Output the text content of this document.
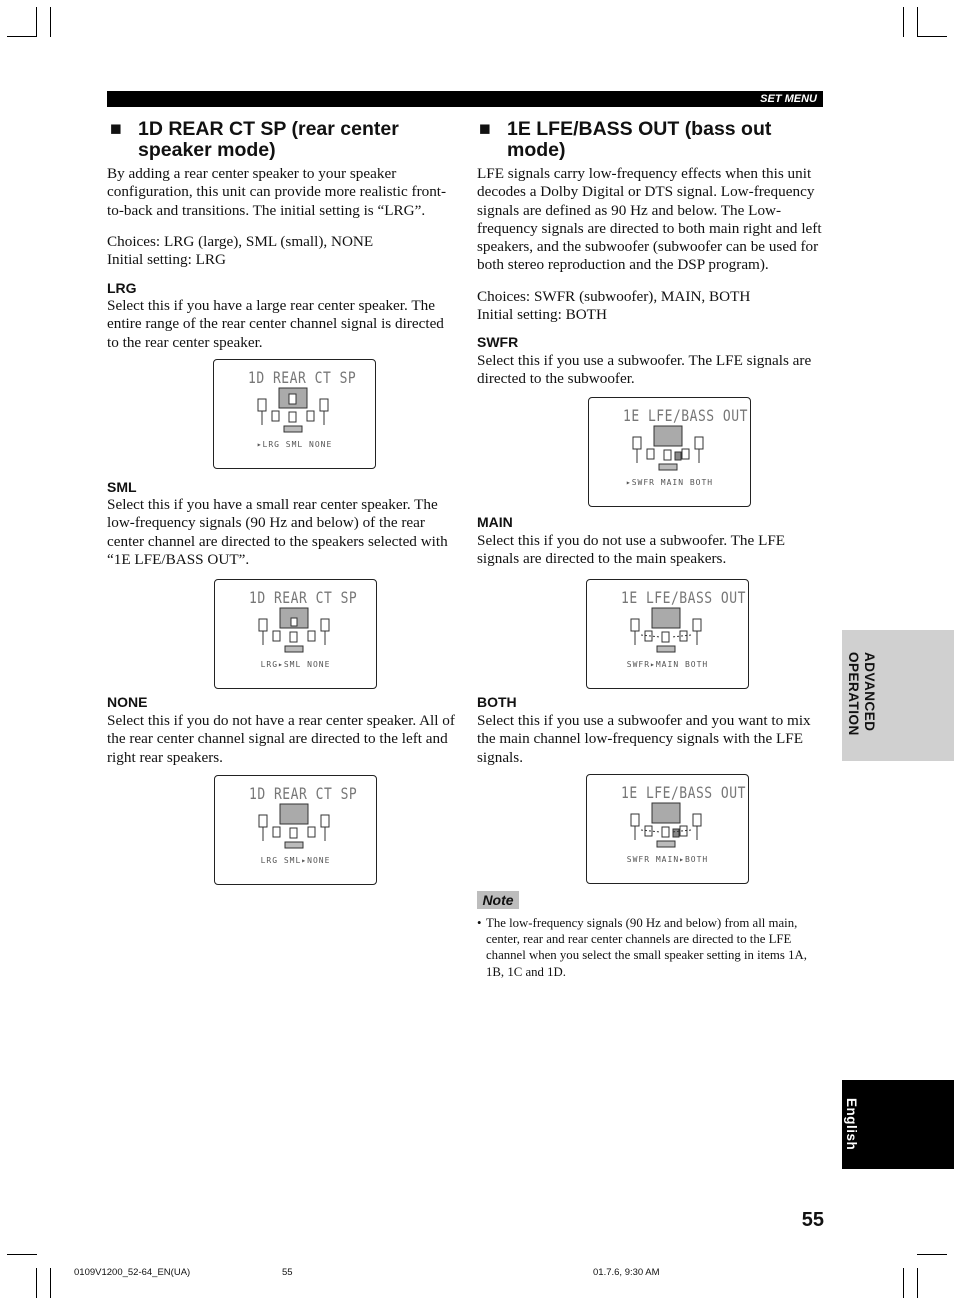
SET MENU
■ 1D REAR CT SP (rear center speaker mode)
By adding a rear center speaker to your speaker configuration, this unit can provide more realistic front-to-back and transitions. The initial setting is “LRG”.
Choices: LRG (large), SML (small), NONE
Initial setting: LRG
LRG
Select this if you have a large rear center speaker. The entire range of the rear center channel signal is directed to the rear center speaker.
1D REAR CT SP
▸LRG SML NONE
SML
Select this if you have a small rear center speaker. The low-frequency signals (90 Hz and below) of the rear center channel are directed to the speakers selected with “1E LFE/BASS OUT”.
1D REAR CT SP
LRG▸SML NONE
NONE
Select this if you do not have a rear center speaker. All of the rear center channel signal are directed to the left and right rear speakers.
1D REAR CT SP
LRG SML▸NONE
■ 1E LFE/BASS OUT (bass out mode)
LFE signals carry low-frequency effects when this unit decodes a Dolby Digital or DTS signal. Low-frequency signals are defined as 90 Hz and below. The Low-frequency signals are directed to both main right and left speakers, and the subwoofer (subwoofer can be used for both stereo reproduction and the DSP program).
Choices: SWFR (subwoofer), MAIN, BOTH
Initial setting: BOTH
SWFR
Select this if you use a subwoofer. The LFE signals are directed to the subwoofer.
1E LFE/BASS OUT
▸SWFR MAIN BOTH
MAIN
Select this if you do not use a subwoofer. The LFE signals are directed to the main speakers.
1E LFE/BASS OUT
SWFR▸MAIN BOTH
BOTH
Select this if you use a subwoofer and you want to mix the main channel low-frequency signals with the LFE signals.
1E LFE/BASS OUT
SWFR MAIN▸BOTH
Note
• The low-frequency signals (90 Hz and below) from all main, center, rear and rear center channels are directed to the LFE channel when you select the small speaker setting in items 1A, 1B, 1C and 1D.
ADVANCED
OPERATION
English
55
0109V1200_52-64_EN(UA)	55	01.7.6, 9:30 AM
